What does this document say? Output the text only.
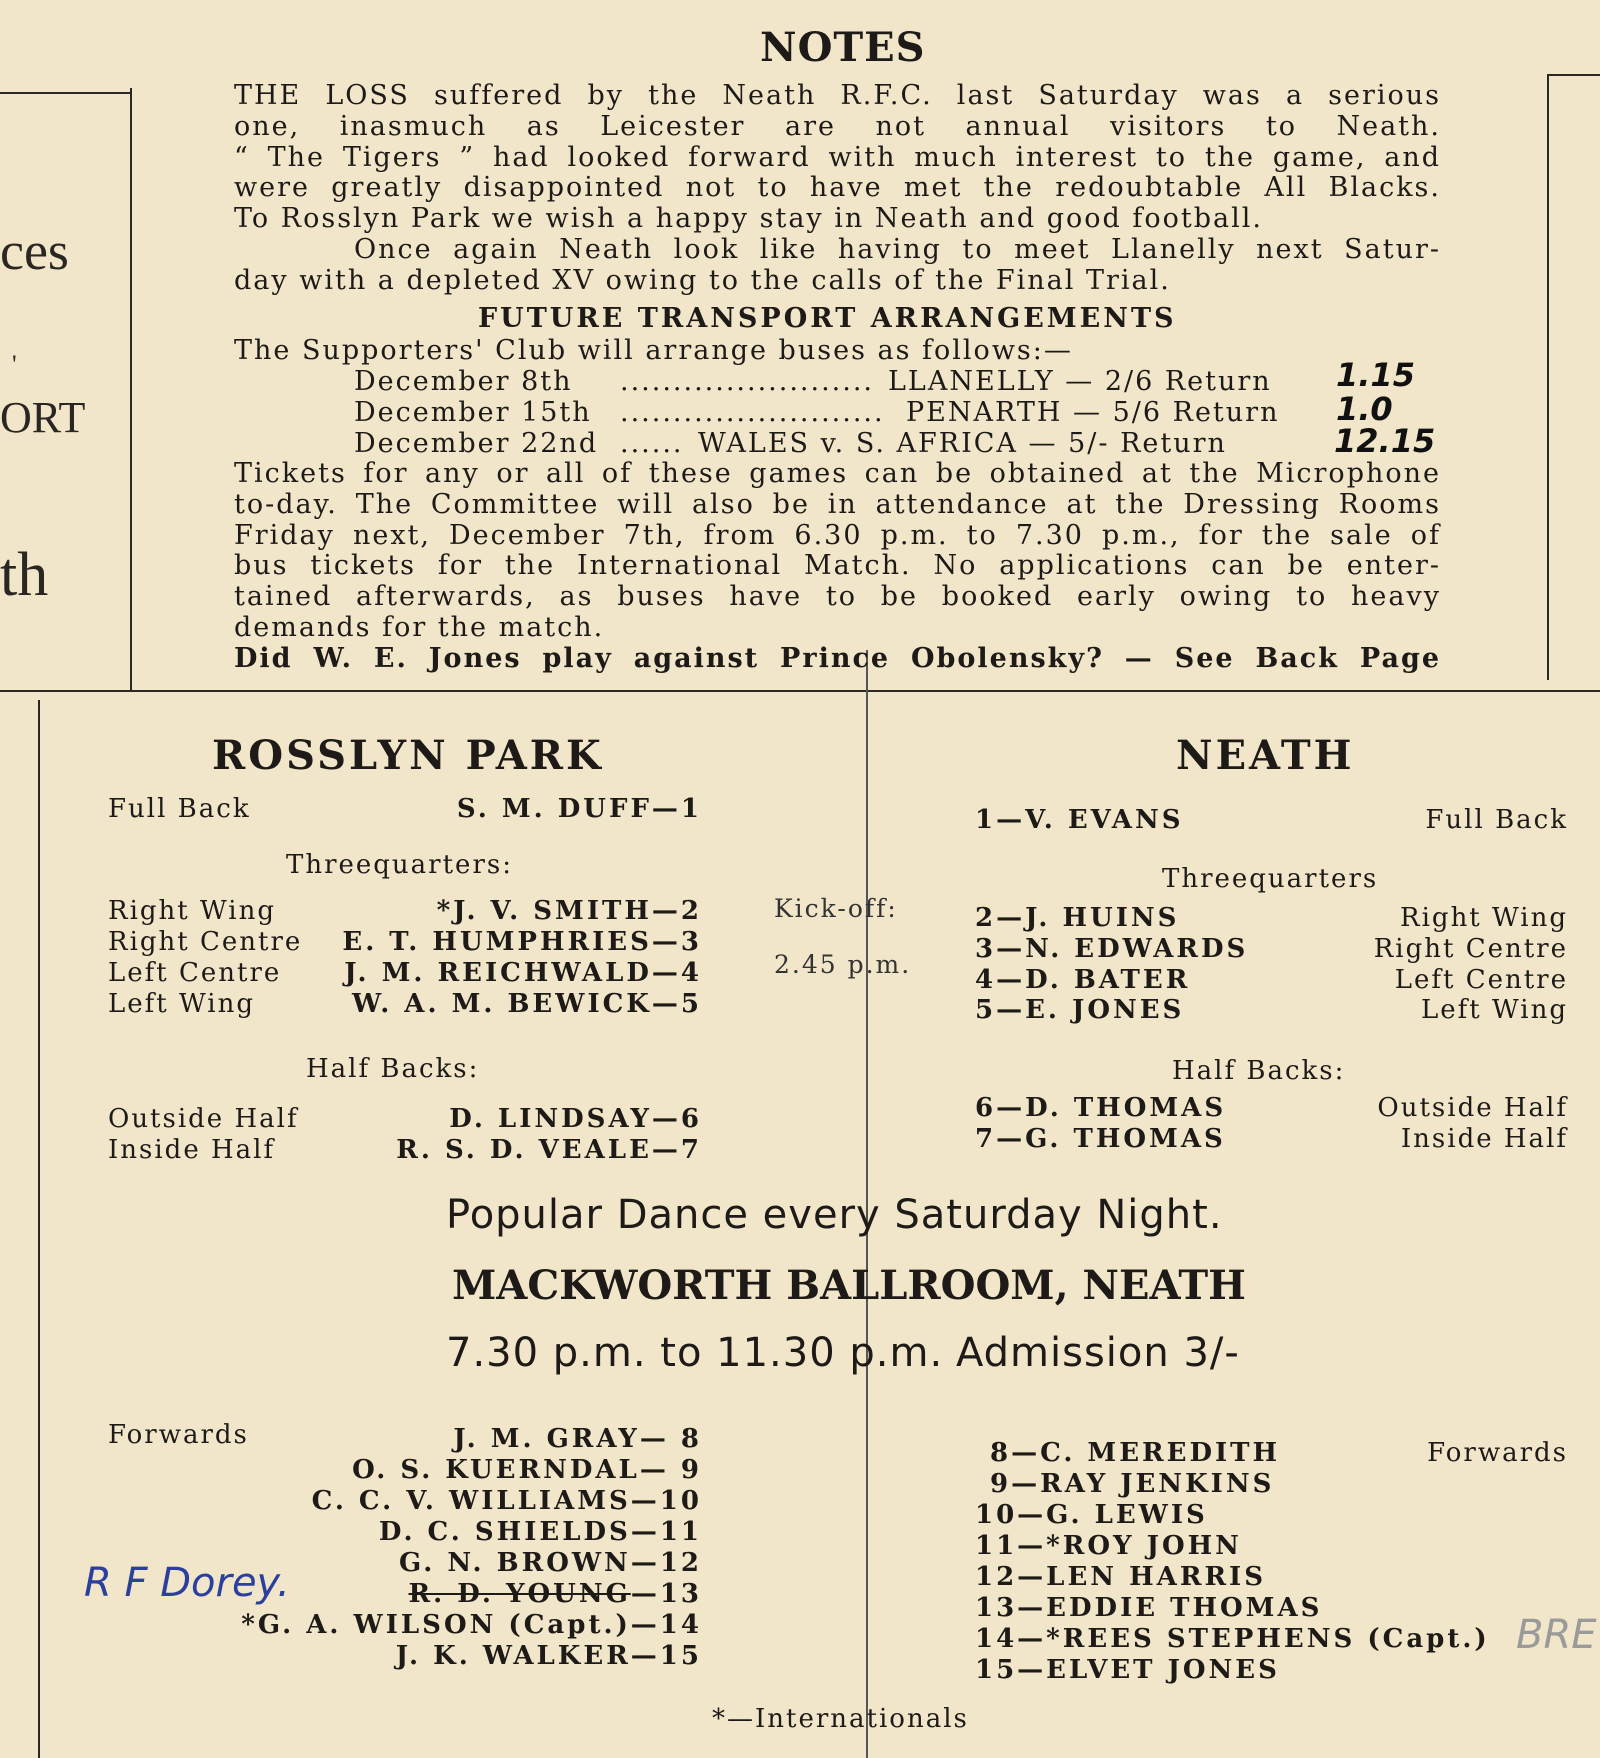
ces
'
ORT
th
NOTES
THE LOSS suffered by the Neath R.F.C. last Saturday was a serious
one, inasmuch as Leicester are not annual visitors to Neath.
“ The Tigers ” had looked forward with much interest to the game, and
were greatly disappointed not to have met the redoubtable All Blacks.
To Rosslyn Park we wish a happy stay in Neath and good football.
Once again Neath look like having to meet Llanelly next Satur-
day with a depleted XV owing to the calls of the Final Trial.
FUTURE TRANSPORT ARRANGEMENTS
The Supporters' Club will arrange buses as follows:—
December 8th ........................ LLANELLY — 2/6 Return 1.15
December 15th ......................... PENARTH — 5/6 Return 1.0
December 22nd ...... WALES v. S. AFRICA — 5/- Return	12.15
Tickets for any or all of these games can be obtained at the Microphone
to-day. The Committee will also be in attendance at the Dressing Rooms
Friday next, December 7th, from 6.30 p.m. to 7.30 p.m., for the sale of
bus tickets for the International Match. No applications can be enter-
tained afterwards, as buses have to be booked early owing to heavy
demands for the match.
Did W. E. Jones play against Prince Obolensky? — See Back Page
ROSSLYN PARK
Full Back	S. M. DUFF—1
Threequarters:
Right Wing	*J. V. SMITH—2
Right Centre E. T. HUMPHRIES—3
Left Centre J. M. REICHWALD—4
Left Wing	W. A. M. BEWICK—5
Half Backs:
Outside Half	D. LINDSAY—6
Inside Half	R. S. D. VEALE—7
Kick-off:
2.45 p.m.
NEATH
1—V. EVANS	Full Back
Threequarters
2—J. HUINS	Right Wing
3—N. EDWARDS	Right Centre
4—D. BATER	Left Centre
5—E. JONES	Left Wing
Half Backs:
6—D. THOMAS	Outside Half
7—G. THOMAS	Inside Half
Popular Dance every Saturday Night.
MACKWORTH BALLROOM, NEATH
7.30 p.m. to 11.30 p.m. Admission 3/-
Forwards	J. M. GRAY— 8
O. S. KUERNDAL— 9
C. C. V. WILLIAMS—10
D. C. SHIELDS—11
G. N. BROWN—12
R. D. YOUNG—13
R F Dorey.
*G. A. WILSON (Capt.)—14
J. K. WALKER—15
Forwards
8—C. MEREDITH
9—RAY JENKINS
10—G. LEWIS
11—*ROY JOHN
12—LEN HARRIS
13—EDDIE THOMAS
14—*REES STEPHENS (Capt.)
15—ELVET JONES
BRE
*—Internationals
